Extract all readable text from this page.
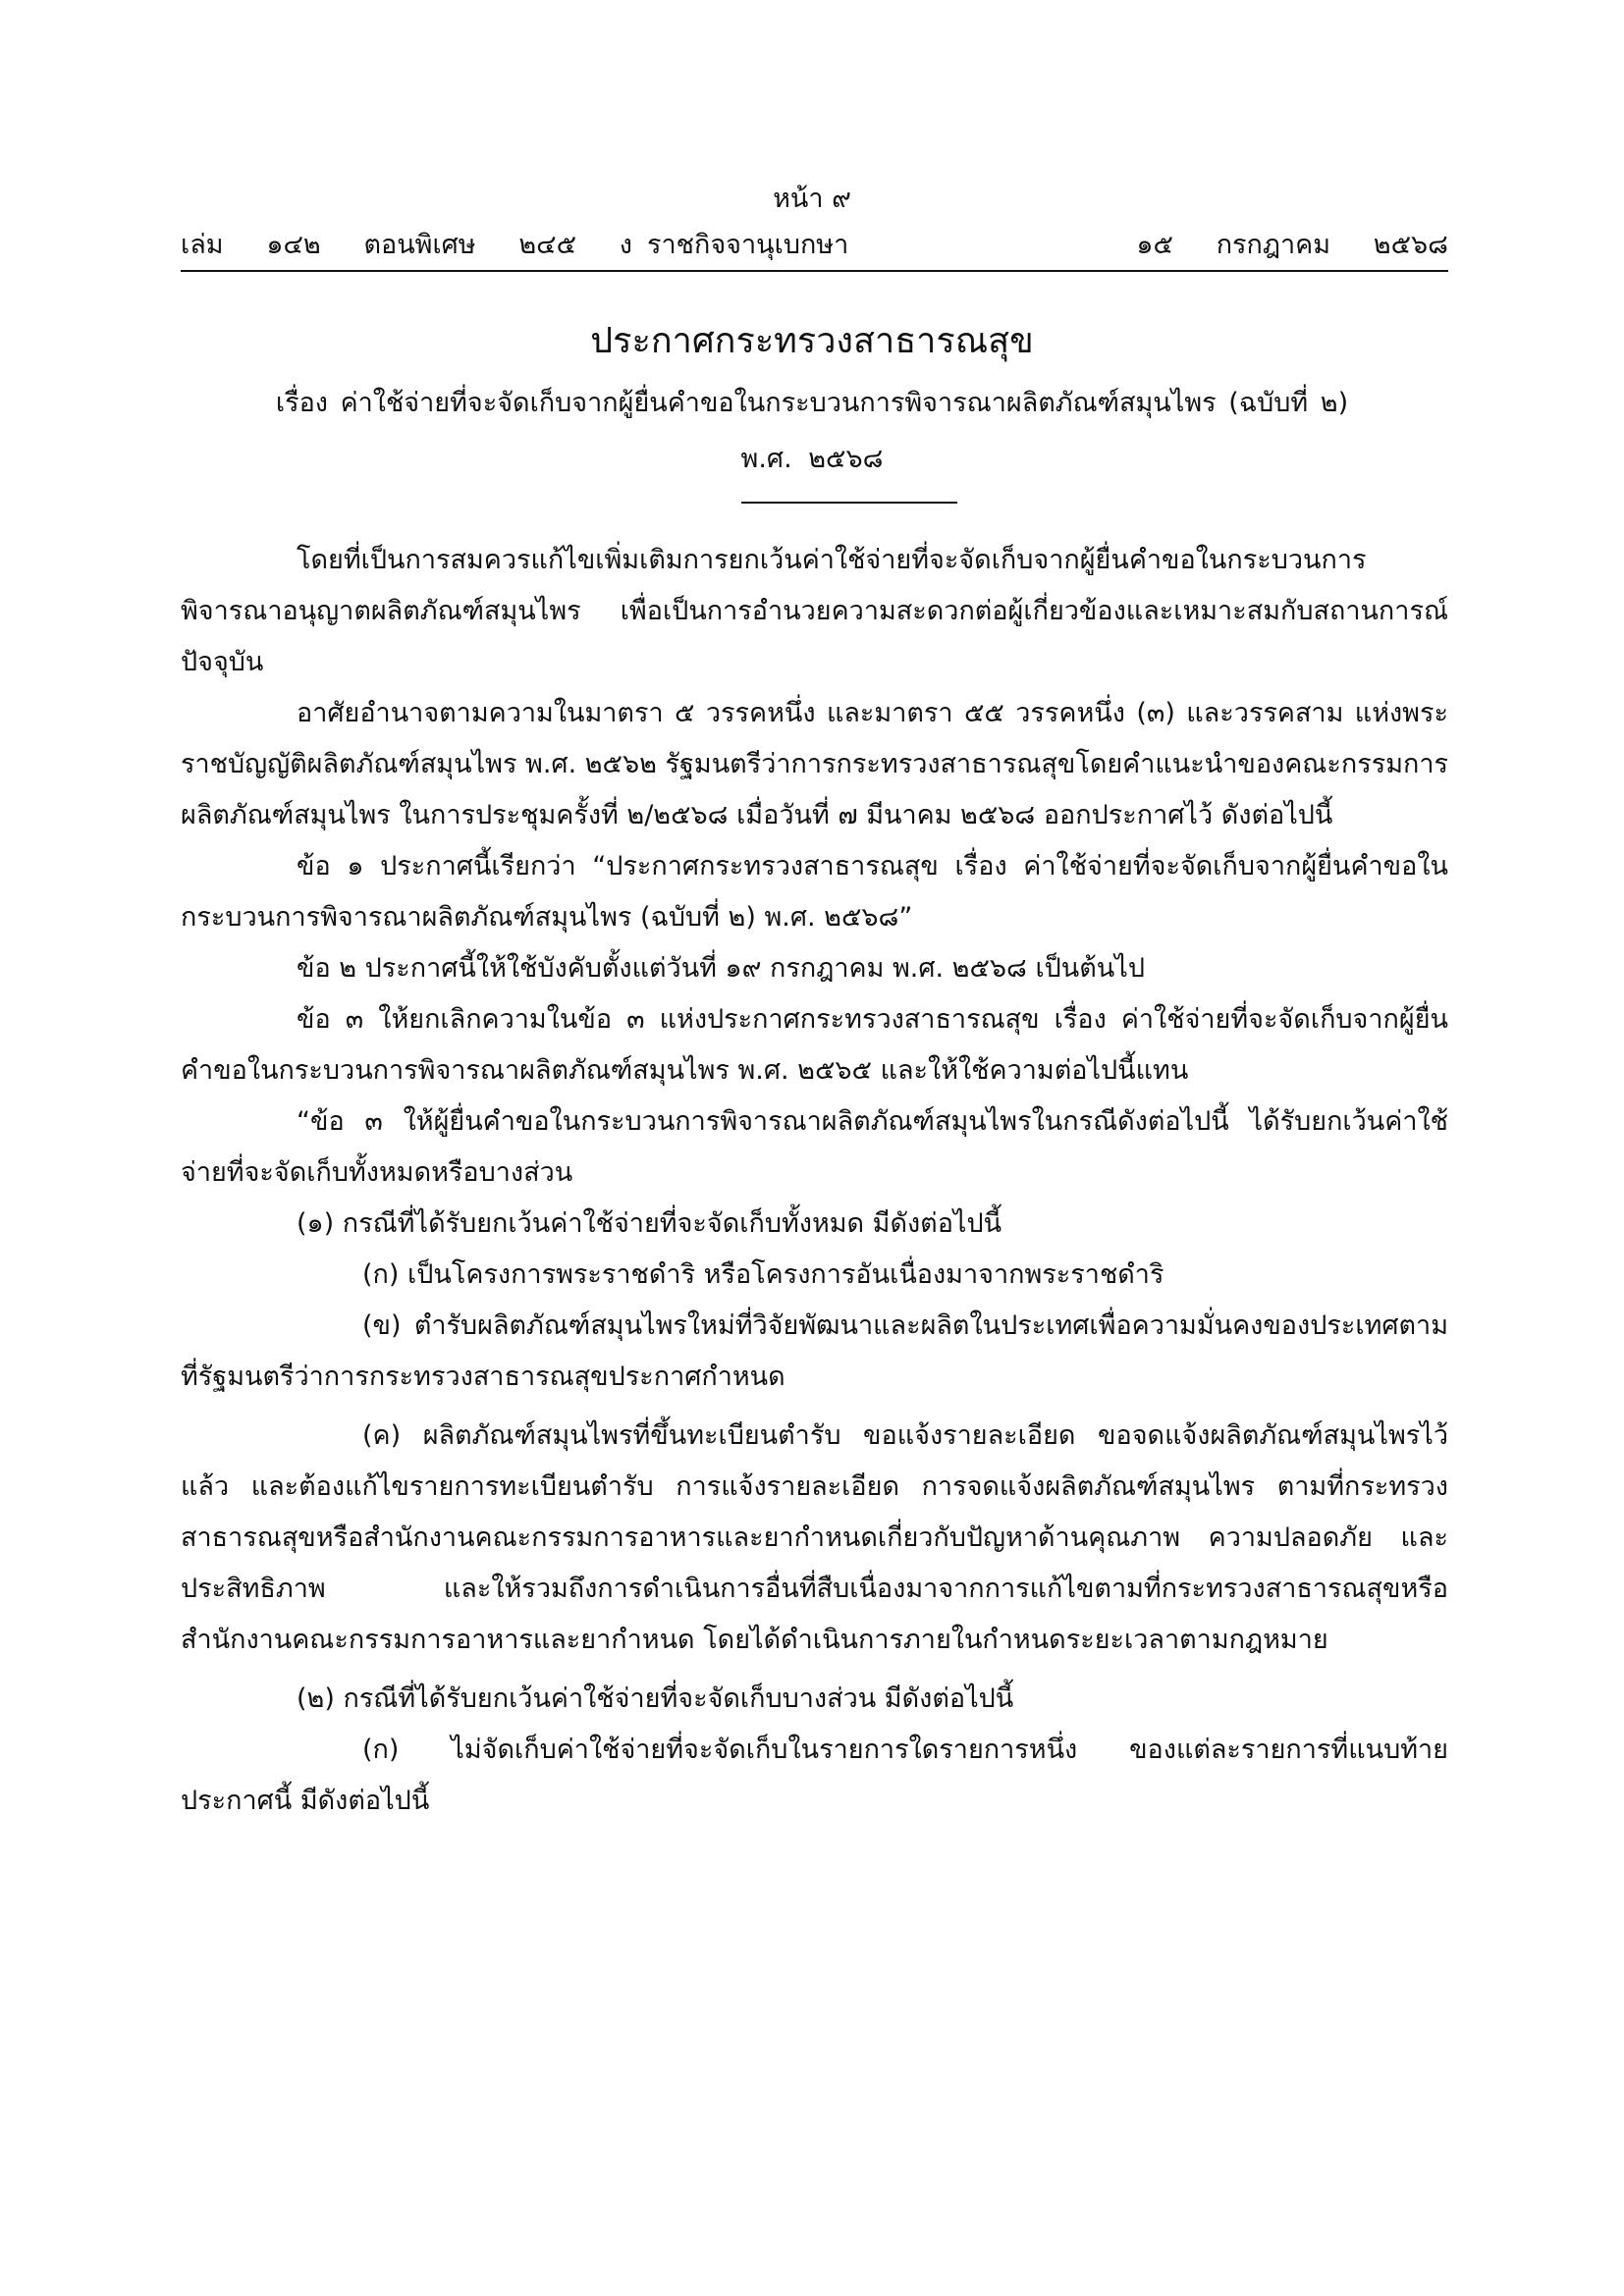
หน้า ๙
เล่ม   ๑๔๒   ตอนพิเศษ   ๒๔๕   ง ราชกิจจานุเบกษา	๑๕   กรกฎาคม   ๒๕๖๘
ประกาศกระทรวงสาธารณสุข
เรื่อง ค่าใช้จ่ายที่จะจัดเก็บจากผู้ยื่นคำขอในกระบวนการพิจารณาผลิตภัณฑ์สมุนไพร (ฉบับที่ ๒)
พ.ศ. ๒๕๖๘

โดยที่เป็นการสมควรแก้ไขเพิ่มเติมการยกเว้นค่าใช้จ่ายที่จะจัดเก็บจากผู้ยื่นคำขอในกระบวนการพิจารณาอนุญาตผลิตภัณฑ์สมุนไพร เพื่อเป็นการอำนวยความสะดวกต่อผู้เกี่ยวข้องและเหมาะสมกับสถานการณ์ปัจจุบัน

อาศัยอำนาจตามความในมาตรา ๕ วรรคหนึ่ง และมาตรา ๕๕ วรรคหนึ่ง (๓) และวรรคสาม แห่งพระราชบัญญัติผลิตภัณฑ์สมุนไพร พ.ศ. ๒๕๖๒ รัฐมนตรีว่าการกระทรวงสาธารณสุขโดยคำแนะนำของคณะกรรมการผลิตภัณฑ์สมุนไพร ในการประชุมครั้งที่ ๒/๒๕๖๘ เมื่อวันที่ ๗ มีนาคม ๒๕๖๘ ออกประกาศไว้ ดังต่อไปนี้

ข้อ ๑ ประกาศนี้เรียกว่า “ประกาศกระทรวงสาธารณสุข เรื่อง ค่าใช้จ่ายที่จะจัดเก็บจากผู้ยื่นคำขอในกระบวนการพิจารณาผลิตภัณฑ์สมุนไพร (ฉบับที่ ๒) พ.ศ. ๒๕๖๘”

ข้อ ๒ ประกาศนี้ให้ใช้บังคับตั้งแต่วันที่ ๑๙ กรกฎาคม พ.ศ. ๒๕๖๘ เป็นต้นไป

ข้อ ๓ ให้ยกเลิกความในข้อ ๓ แห่งประกาศกระทรวงสาธารณสุข เรื่อง ค่าใช้จ่ายที่จะจัดเก็บจากผู้ยื่นคำขอในกระบวนการพิจารณาผลิตภัณฑ์สมุนไพร พ.ศ. ๒๕๖๕ และให้ใช้ความต่อไปนี้แทน

“ข้อ ๓ ให้ผู้ยื่นคำขอในกระบวนการพิจารณาผลิตภัณฑ์สมุนไพรในกรณีดังต่อไปนี้ ได้รับยกเว้นค่าใช้จ่ายที่จะจัดเก็บทั้งหมดหรือบางส่วน

(๑) กรณีที่ได้รับยกเว้นค่าใช้จ่ายที่จะจัดเก็บทั้งหมด มีดังต่อไปนี้

(ก) เป็นโครงการพระราชดำริ หรือโครงการอันเนื่องมาจากพระราชดำริ

(ข) ตำรับผลิตภัณฑ์สมุนไพรใหม่ที่วิจัยพัฒนาและผลิตในประเทศเพื่อความมั่นคงของประเทศตามที่รัฐมนตรีว่าการกระทรวงสาธารณสุขประกาศกำหนด

(ค) ผลิตภัณฑ์สมุนไพรที่ขึ้นทะเบียนตำรับ ขอแจ้งรายละเอียด ขอจดแจ้งผลิตภัณฑ์สมุนไพรไว้แล้ว และต้องแก้ไขรายการทะเบียนตำรับ การแจ้งรายละเอียด การจดแจ้งผลิตภัณฑ์สมุนไพร ตามที่กระทรวงสาธารณสุขหรือสำนักงานคณะกรรมการอาหารและยากำหนดเกี่ยวกับปัญหาด้านคุณภาพ ความปลอดภัย และประสิทธิภาพ และให้รวมถึงการดำเนินการอื่นที่สืบเนื่องมาจากการแก้ไขตามที่กระทรวงสาธารณสุขหรือสำนักงานคณะกรรมการอาหารและยากำหนด โดยได้ดำเนินการภายในกำหนดระยะเวลาตามกฎหมาย

(๒) กรณีที่ได้รับยกเว้นค่าใช้จ่ายที่จะจัดเก็บบางส่วน มีดังต่อไปนี้

(ก) ไม่จัดเก็บค่าใช้จ่ายที่จะจัดเก็บในรายการใดรายการหนึ่ง ของแต่ละรายการที่แนบท้ายประกาศนี้ มีดังต่อไปนี้
